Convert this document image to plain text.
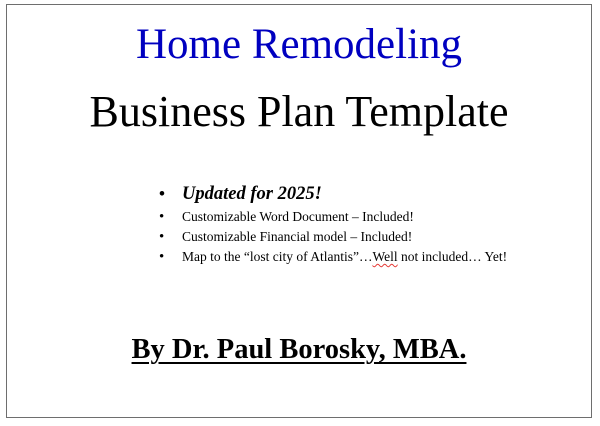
Home Remodeling
Business Plan Template
• Updated for 2025!
• Customizable Word Document – Included!
• Customizable Financial model – Included!
• Map to the “lost city of Atlantis”…Well not included… Yet!
By Dr. Paul Borosky, MBA.
